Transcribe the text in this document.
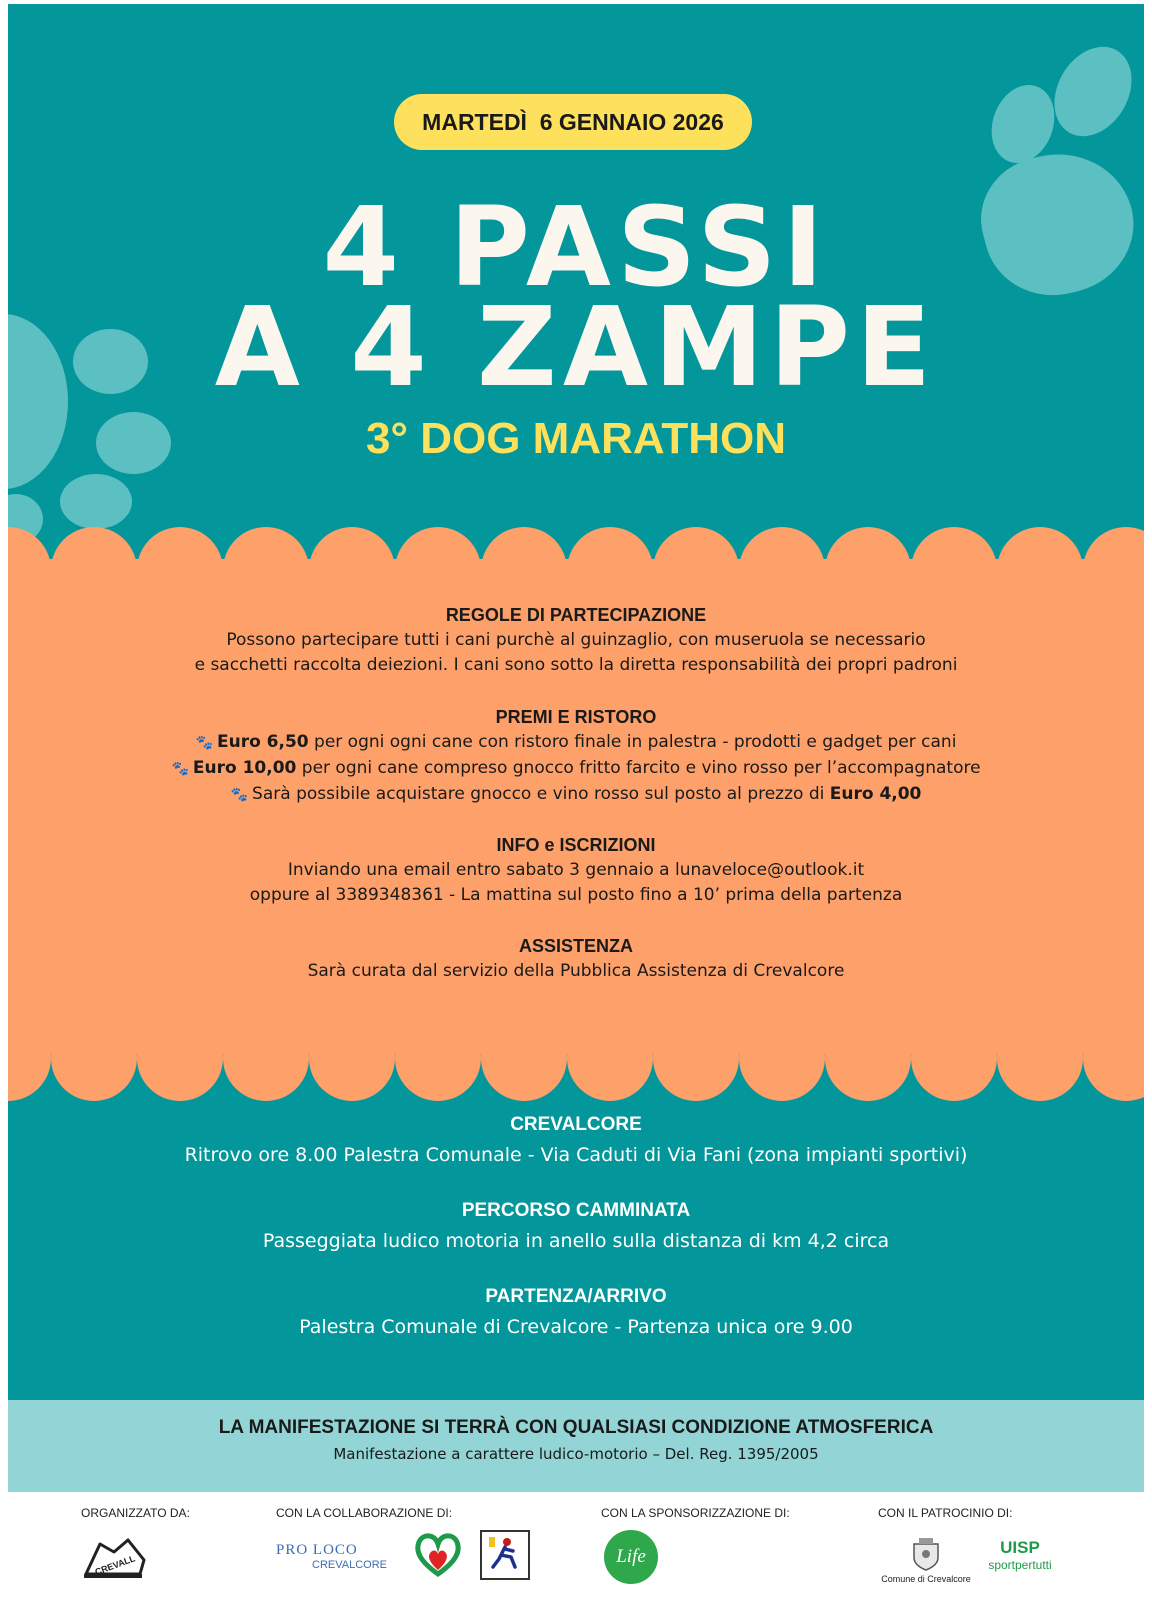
MARTEDÌ  6 GENNAIO 2026
4 PASSI
A 4 ZAMPE
3° DOG MARATHON
REGOLE DI PARTECIPAZIONE

Possono partecipare tutti i cani purchè al guinzaglio, con museruola se necessario

e sacchetti raccolta deiezioni. I cani sono sotto la diretta responsabilità dei propri padroni

PREMI E RISTORO

🐾 Euro 6,50 per ogni ogni cane con ristoro finale in palestra - prodotti e gadget per cani

🐾 Euro 10,00 per ogni cane compreso gnocco fritto farcito e vino rosso per l’accompagnatore

🐾 Sarà possibile acquistare gnocco e vino rosso sul posto al prezzo di Euro 4,00

INFO e ISCRIZIONI

Inviando una email entro sabato 3 gennaio a lunaveloce@outlook.it

oppure al 3389348361 - La mattina sul posto fino a 10’ prima della partenza

ASSISTENZA

Sarà curata dal servizio della Pubblica Assistenza di Crevalcore

CREVALCORE

Ritrovo ore 8.00 Palestra Comunale - Via Caduti di Via Fani (zona impianti sportivi)

PERCORSO CAMMINATA

Passeggiata ludico motoria in anello sulla distanza di km 4,2 circa

PARTENZA/ARRIVO

Palestra Comunale di Crevalcore - Partenza unica ore 9.00

LA MANIFESTAZIONE SI TERRÀ CON QUALSIASI CONDIZIONE ATMOSFERICA

Manifestazione a carattere ludico-motorio – Del. Reg. 1395/2005

ORGANIZZATO DA:	CON LA COLLABORAZIONE DI:	CON LA SPONSORIZZAZIONE DI:	CON IL PATROCINIO DI:
CREVALL
PRO LOCO
CREVALCORE	Life
Comune di Crevalcore
UISP
sportpertutti
